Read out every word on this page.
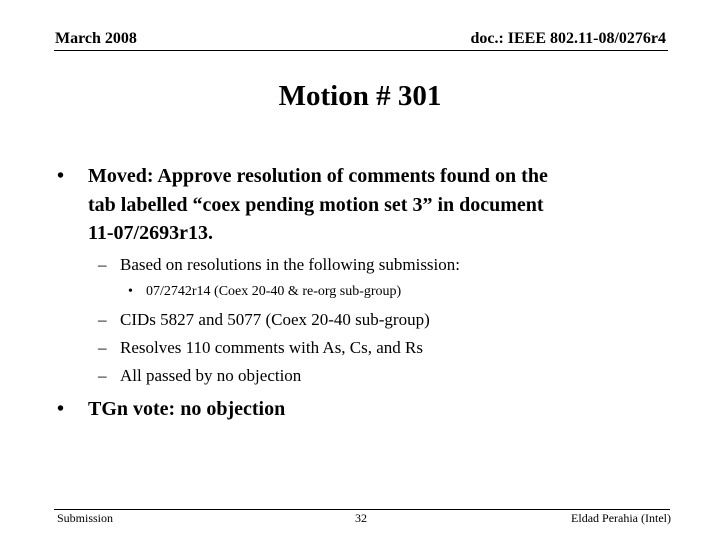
March 2008	doc.: IEEE 802.11-08/0276r4
Motion # 301
• Moved: Approve resolution of comments found on the
tab labelled “coex pending motion set 3” in document
11-07/2693r13.
– Based on resolutions in the following submission:
• 07/2742r14 (Coex 20-40 & re-org sub-group)
– CIDs 5827 and 5077 (Coex 20-40 sub-group)
– Resolves 110 comments with As, Cs, and Rs
– All passed by no objection
• TGn vote: no objection
Submission	32	Eldad Perahia (Intel)
